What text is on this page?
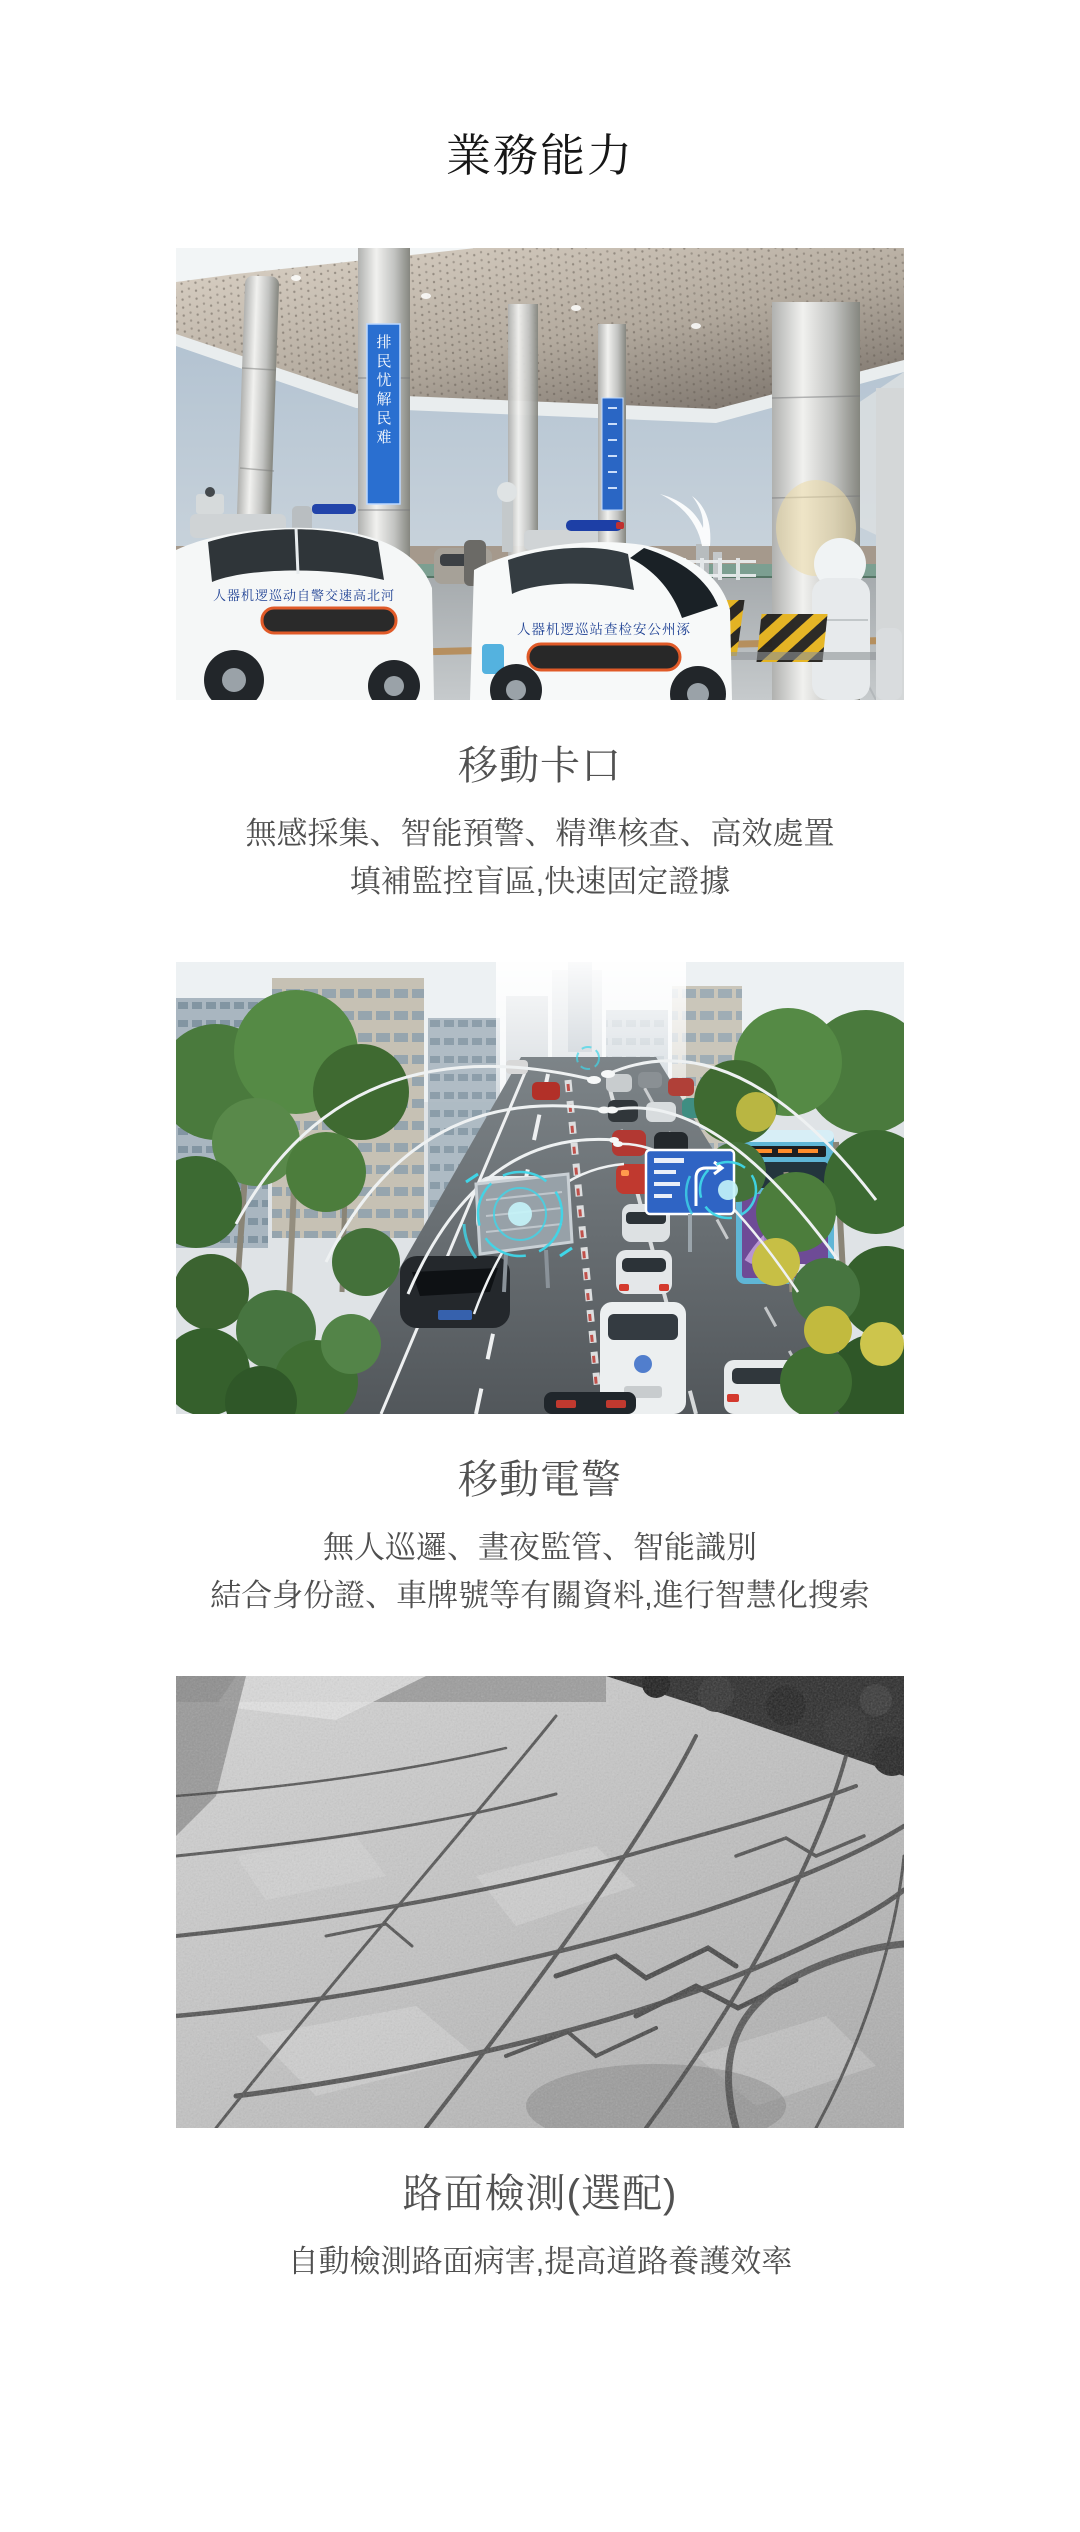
業務能力
排民忧解民难
人器机逻巡动自警交速高北河
人器机逻巡站查检安公州涿
移動卡口
無感採集、智能預警、精準核查、高效處置
填補監控盲區,快速固定證據
移動電警
無人巡邏、晝夜監管、智能識別
結合身份證、車牌號等有關資料,進行智慧化搜索
路面檢測(選配)
自動檢測路面病害,提高道路養護效率
